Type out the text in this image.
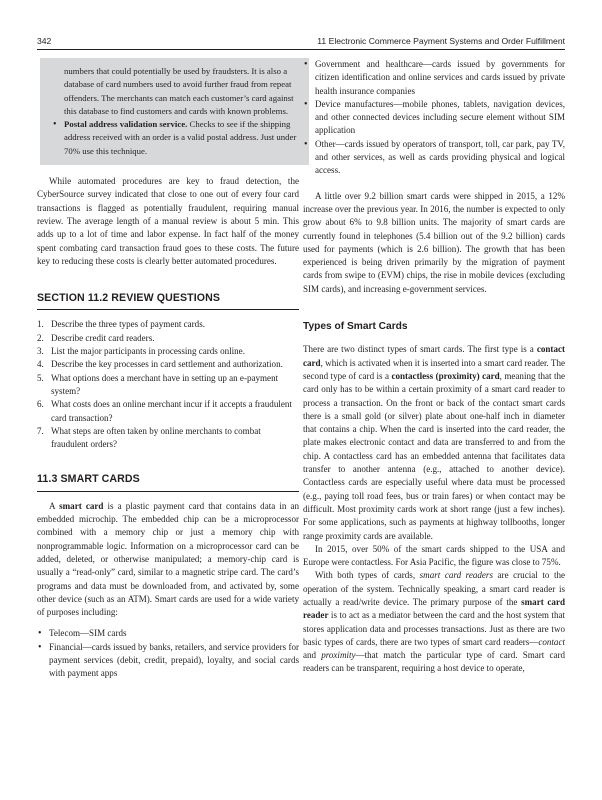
342	11 Electronic Commerce Payment Systems and Order Fulfillment

numbers that could potentially be used by fraudsters. It is also a database of card numbers used to avoid further fraud from repeat offenders. The merchants can match each customer’s card against this database to find customers and cards with known problems.

• Postal address validation service. Checks to see if the shipping address received with an order is a valid postal address. Just under 70% use this technique.

While automated procedures are key to fraud detection, the CyberSource survey indicated that close to one out of every four card transactions is flagged as potentially fraudulent, requiring manual review. The average length of a manual review is about 5 min. This adds up to a lot of time and labor expense. In fact half of the money spent combating card transaction fraud goes to these costs. The future key to reducing these costs is clearly better automated procedures.

SECTION 11.2 REVIEW QUESTIONS
1. Describe the three types of payment cards.
2. Describe credit card readers.
3. List the major participants in processing cards online.
4. Describe the key processes in card settlement and authorization.
5. What options does a merchant have in setting up an e-payment system?
6. What costs does an online merchant incur if it accepts a fraudulent card transaction?
7. What steps are often taken by online merchants to combat fraudulent orders?
11.3 SMART CARDS

A smart card is a plastic payment card that contains data in an embedded microchip. The embedded chip can be a microprocessor combined with a memory chip or just a memory chip with nonprogrammable logic. Information on a microprocessor card can be added, deleted, or otherwise manipulated; a memory-chip card is usually a “read-only” card, similar to a magnetic stripe card. The card’s programs and data must be downloaded from, and activated by, some other device (such as an ATM). Smart cards are used for a wide variety of purposes including:

• Telecom—SIM cards
• Financial—cards issued by banks, retailers, and service providers for payment services (debit, credit, prepaid), loyalty, and social cards with payment apps
• Government and healthcare—cards issued by governments for citizen identification and online services and cards issued by private health insurance companies
• Device manufactures—mobile phones, tablets, navigation devices, and other connected devices including secure element without SIM application
• Other—cards issued by operators of transport, toll, car park, pay TV, and other services, as well as cards providing physical and logical access.

A little over 9.2 billion smart cards were shipped in 2015, a 12% increase over the previous year. In 2016, the number is expected to only grow about 6% to 9.8 billion units. The majority of smart cards are currently found in telephones (5.4 billion out of the 9.2 billion) cards used for payments (which is 2.6 billion). The growth that has been experienced is being driven primarily by the migration of payment cards from swipe to (EVM) chips, the rise in mobile devices (excluding SIM cards), and increasing e-government services.

Types of Smart Cards

There are two distinct types of smart cards. The first type is a contact card, which is activated when it is inserted into a smart card reader. The second type of card is a contactless (proximity) card, meaning that the card only has to be within a certain proximity of a smart card reader to process a transaction. On the front or back of the contact smart cards there is a small gold (or silver) plate about one-half inch in diameter that contains a chip. When the card is inserted into the card reader, the plate makes electronic contact and data are transferred to and from the chip. A contactless card has an embedded antenna that facilitates data transfer to another antenna (e.g., attached to another device). Contactless cards are especially useful where data must be processed (e.g., paying toll road fees, bus or train fares) or when contact may be difficult. Most proximity cards work at short range (just a few inches). For some applications, such as payments at highway tollbooths, longer range proximity cards are available.

In 2015, over 50% of the smart cards shipped to the USA and Europe were contactless. For Asia Pacific, the figure was close to 75%.

With both types of cards, smart card readers are crucial to the operation of the system. Technically speaking, a smart card reader is actually a read/write device. The primary purpose of the smart card reader is to act as a mediator between the card and the host system that stores application data and processes transactions. Just as there are two basic types of cards, there are two types of smart card readers—contact and proximity—that match the particular type of card. Smart card readers can be transparent, requiring a host device to operate,
